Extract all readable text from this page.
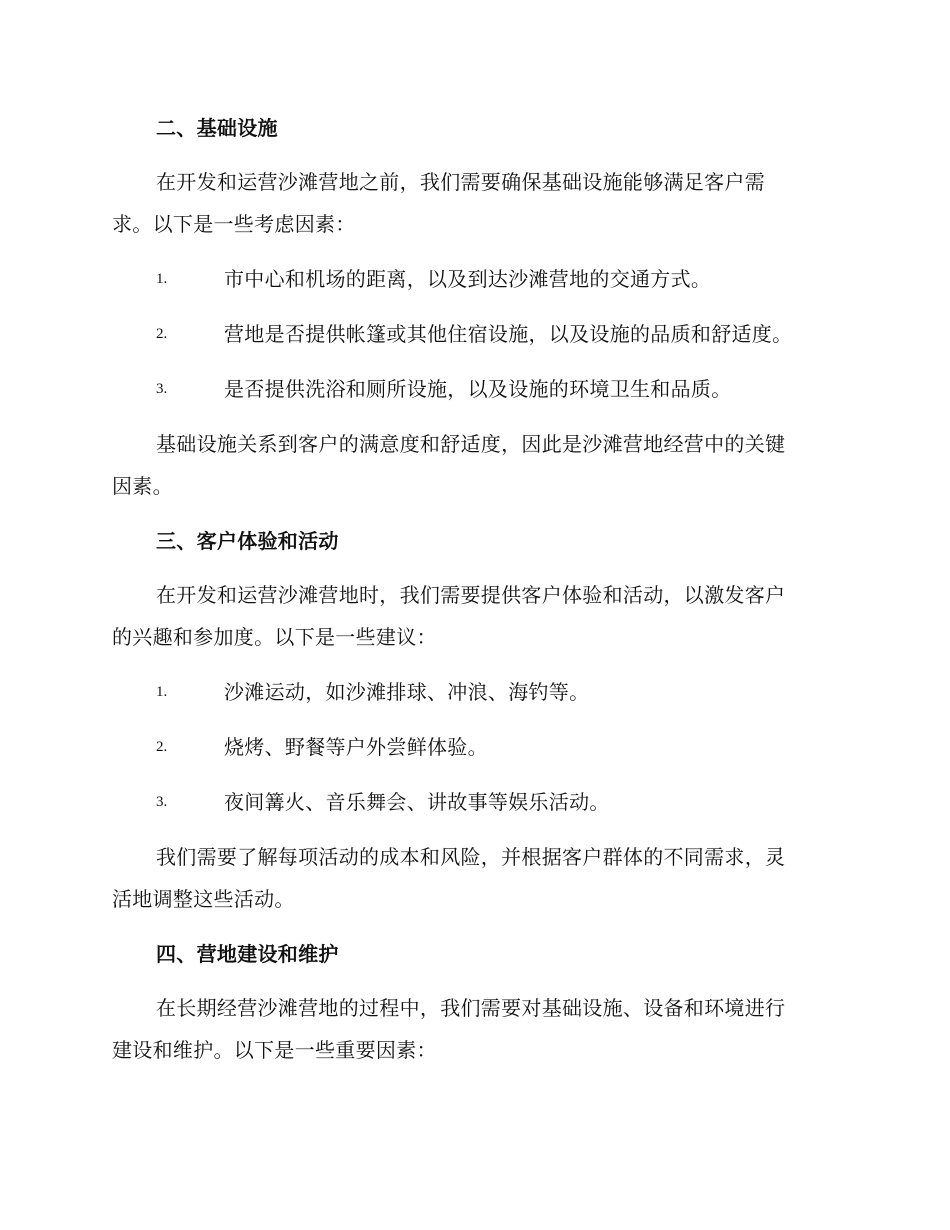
二、基础设施
在开发和运营沙滩营地之前，我们需要确保基础设施能够满足客户需
求。以下是一些考虑因素：
1.	市中心和机场的距离，以及到达沙滩营地的交通方式。
2.	营地是否提供帐篷或其他住宿设施，以及设施的品质和舒适度。
3.	是否提供洗浴和厕所设施，以及设施的环境卫生和品质。
基础设施关系到客户的满意度和舒适度，因此是沙滩营地经营中的关键
因素。
三、客户体验和活动
在开发和运营沙滩营地时，我们需要提供客户体验和活动，以激发客户
的兴趣和参加度。以下是一些建议：
1.	沙滩运动，如沙滩排球、冲浪、海钓等。
2.	烧烤、野餐等户外尝鲜体验。
3.	夜间篝火、音乐舞会、讲故事等娱乐活动。
我们需要了解每项活动的成本和风险，并根据客户群体的不同需求，灵
活地调整这些活动。
四、营地建设和维护
在长期经营沙滩营地的过程中，我们需要对基础设施、设备和环境进行
建设和维护。以下是一些重要因素：
